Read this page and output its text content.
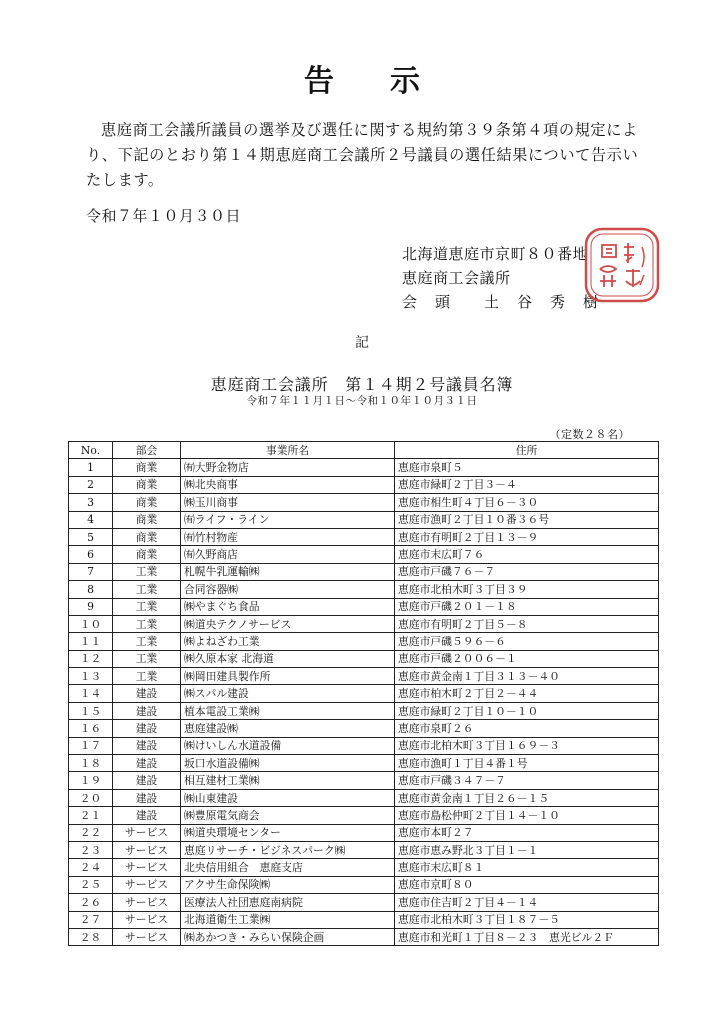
告示

恵庭商工会議所議員の選挙及び選任に関する規約第３９条第４項の規定により、下記のとおり第１４期恵庭商工会議所２号議員の選任結果について告示いたします。

令和７年１０月３０日
北海道恵庭市京町８０番地
恵庭商工会議所
会頭 土谷秀樹
記
恵庭商工会議所　第１４期２号議員名簿
令和７年１１月１日～令和１０年１０月３１日
（定数２８名）
No.	部会	事業所名	住所
1	商業	㈲大野金物店	恵庭市泉町５
2	商業	㈱北央商事	恵庭市緑町２丁目３－４
3	商業	㈱玉川商事	恵庭市相生町４丁目６－３０
4	商業	㈲ライフ・ライン	恵庭市漁町２丁目１０番３６号
5	商業	㈲竹村物産	恵庭市有明町２丁目１３－９
6	商業	㈲久野商店	恵庭市末広町７６
7	工業	札幌牛乳運輸㈱	恵庭市戸磯７６－７
8	工業	合同容器㈱	恵庭市北柏木町３丁目３９
9	工業	㈱やまぐち食品	恵庭市戸磯２０１－１８
１０	工業	㈱道央テクノサービス	恵庭市有明町２丁目５－８
１１	工業	㈱よねざわ工業	恵庭市戸磯５９６－６
１２	工業	㈱久原本家 北海道	恵庭市戸磯２００６－１
１３	工業	㈱岡田建具製作所	恵庭市黄金南１丁目３１３－４０
１４	建設	㈱スパル建設	恵庭市柏木町２丁目２－４４
１５	建設	植本電設工業㈱	恵庭市緑町２丁目１０－１０
１６	建設	恵庭建設㈱	恵庭市泉町２６
１７	建設	㈱けいしん水道設備	恵庭市北柏木町３丁目１６９－３
１８	建設	坂口水道設備㈱	恵庭市漁町１丁目４番１号
１９	建設	相互建材工業㈱	恵庭市戸磯３４７－７
２０	建設	㈱山東建設	恵庭市黄金南１丁目２６－１５
２１	建設	㈱豊原電気商会	恵庭市島松仲町２丁目１４－１０
２２	サービス	㈱道央環境センター	恵庭市本町２７
２３	サービス	恵庭リサーチ・ビジネスパーク㈱	恵庭市恵み野北３丁目１－１
２４	サービス	北央信用組合　恵庭支店	恵庭市末広町８１
２５	サービス	アクサ生命保険㈱	恵庭市京町８０
２６	サービス	医療法人社団恵庭南病院	恵庭市住吉町２丁目４－１４
２７	サービス	北海道衛生工業㈱	恵庭市北柏木町３丁目１８７－５
２８	サービス	㈱あかつき・みらい保険企画	恵庭市和光町１丁目８－２３　恵光ビル２Ｆ
